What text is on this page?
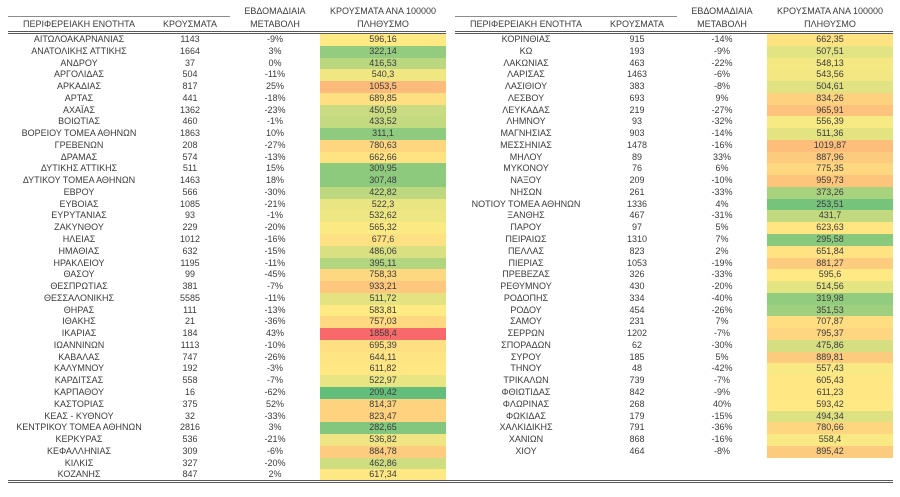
ΠΕΡΙΦΕΡΕΙΑΚΗ ΕΝΟΤΗΤΑ	ΚΡΟΥΣΜΑΤΑ	ΕΒΔΟΜΑΔΙΑΙΑ ΜΕΤΑΒΟΛΗ	ΚΡΟΥΣΜΑΤΑ ΑΝΑ 100000 ΠΛΗΘΥΣΜΟ

ΑΙΤΩΛΟΑΚΑΡΝΑΝΙΑΣ	1143	-9%	596,16
ΑΝΑΤΟΛΙΚΗΣ ΑΤΤΙΚΗΣ	1664	3%	322,14
ΑΝΔΡΟΥ	37	0%	416,53
ΑΡΓΟΛΙΔΑΣ	504	-11%	540,3
ΑΡΚΑΔΙΑΣ	817	25%	1053,5
ΑΡΤΑΣ	441	-18%	689,85
ΑΧΑΪΑΣ	1362	-23%	450,59
ΒΟΙΩΤΙΑΣ	460	-1%	433,52
ΒΟΡΕΙΟΥ ΤΟΜΕΑ ΑΘΗΝΩΝ	1863	10%	311,1
ΓΡΕΒΕΝΩΝ	208	-27%	780,63
ΔΡΑΜΑΣ	574	-13%	662,66
ΔΥΤΙΚΗΣ ΑΤΤΙΚΗΣ	511	15%	309,95
ΔΥΤΙΚΟΥ ΤΟΜΕΑ ΑΘΗΝΩΝ	1463	18%	307,48
ΕΒΡΟΥ	566	-30%	422,82
ΕΥΒΟΙΑΣ	1085	-21%	522,3
ΕΥΡΥΤΑΝΙΑΣ	93	-1%	532,62
ΖΑΚΥΝΘΟΥ	229	-20%	565,32
ΗΛΕΙΑΣ	1012	-16%	677,6
ΗΜΑΘΙΑΣ	632	-15%	486,06
ΗΡΑΚΛΕΙΟΥ	1195	-11%	395,11
ΘΑΣΟΥ	99	-45%	758,33
ΘΕΣΠΡΩΤΙΑΣ	381	-7%	933,21
ΘΕΣΣΑΛΟΝΙΚΗΣ	5585	-11%	511,72
ΘΗΡΑΣ	111	-13%	583,81
ΙΘΑΚΗΣ	21	-36%	757,03
ΙΚΑΡΙΑΣ	184	43%	1858,4
ΙΩΑΝΝΙΝΩΝ	1113	-10%	695,39
ΚΑΒΑΛΑΣ	747	-26%	644,11
ΚΑΛΥΜΝΟΥ	192	-3%	611,82
ΚΑΡΔΙΤΣΑΣ	558	-7%	522,97
ΚΑΡΠΑΘΟΥ	16	-62%	209,42
ΚΑΣΤΟΡΙΑΣ	375	52%	814,37
ΚΕΑΣ - ΚΥΘΝΟΥ	32	-33%	823,47
ΚΕΝΤΡΙΚΟΥ ΤΟΜΕΑ ΑΘΗΝΩΝ	2816	3%	282,65
ΚΕΡΚΥΡΑΣ	536	-21%	536,82
ΚΕΦΑΛΛΗΝΙΑΣ	309	-6%	884,78
ΚΙΛΚΙΣ	327	-20%	462,86
ΚΟΖΑΝΗΣ	847	2%	617,34
ΠΕΡΙΦΕΡΕΙΑΚΗ ΕΝΟΤΗΤΑ	ΚΡΟΥΣΜΑΤΑ	ΕΒΔΟΜΑΔΙΑΙΑ ΜΕΤΑΒΟΛΗ	ΚΡΟΥΣΜΑΤΑ ΑΝΑ 100000 ΠΛΗΘΥΣΜΟ

ΚΟΡΙΝΘΙΑΣ	915	-14%	662,35
ΚΩ	193	-9%	507,51
ΛΑΚΩΝΙΑΣ	463	-22%	548,13
ΛΑΡΙΣΑΣ	1463	-6%	543,56
ΛΑΣΙΘΙΟΥ	383	-8%	504,61
ΛΕΣΒΟΥ	693	9%	834,26
ΛΕΥΚΑΔΑΣ	219	-27%	965,91
ΛΗΜΝΟΥ	93	-32%	556,39
ΜΑΓΝΗΣΙΑΣ	903	-14%	511,36
ΜΕΣΣΗΝΙΑΣ	1478	-16%	1019,87
ΜΗΛΟΥ	89	33%	887,96
ΜΥΚΟΝΟΥ	76	6%	775,35
ΝΑΞΟΥ	209	-10%	959,73
ΝΗΣΩΝ	261	-33%	373,26
ΝΟΤΙΟΥ ΤΟΜΕΑ ΑΘΗΝΩΝ	1336	4%	253,51
ΞΑΝΘΗΣ	467	-31%	431,7
ΠΑΡΟΥ	97	5%	623,63
ΠΕΙΡΑΙΩΣ	1310	7%	295,58
ΠΕΛΛΑΣ	823	2%	651,84
ΠΙΕΡΙΑΣ	1053	-19%	881,27
ΠΡΕΒΕΖΑΣ	326	-33%	595,6
ΡΕΘΥΜΝΟΥ	430	-20%	514,56
ΡΟΔΟΠΗΣ	334	-40%	319,98
ΡΟΔΟΥ	454	-26%	351,53
ΣΑΜΟΥ	231	7%	707,87
ΣΕΡΡΩΝ	1202	-7%	795,37
ΣΠΟΡΑΔΩΝ	62	-30%	475,86
ΣΥΡΟΥ	185	5%	889,81
ΤΗΝΟΥ	48	-42%	557,43
ΤΡΙΚΑΛΩΝ	739	-7%	605,43
ΦΘΙΩΤΙΔΑΣ	842	-9%	611,23
ΦΛΩΡΙΝΑΣ	268	40%	593,42
ΦΩΚΙΔΑΣ	179	-15%	494,34
ΧΑΛΚΙΔΙΚΗΣ	791	-36%	780,66
ΧΑΝΙΩΝ	868	-16%	558,4
ΧΙΟΥ	464	-8%	895,42
